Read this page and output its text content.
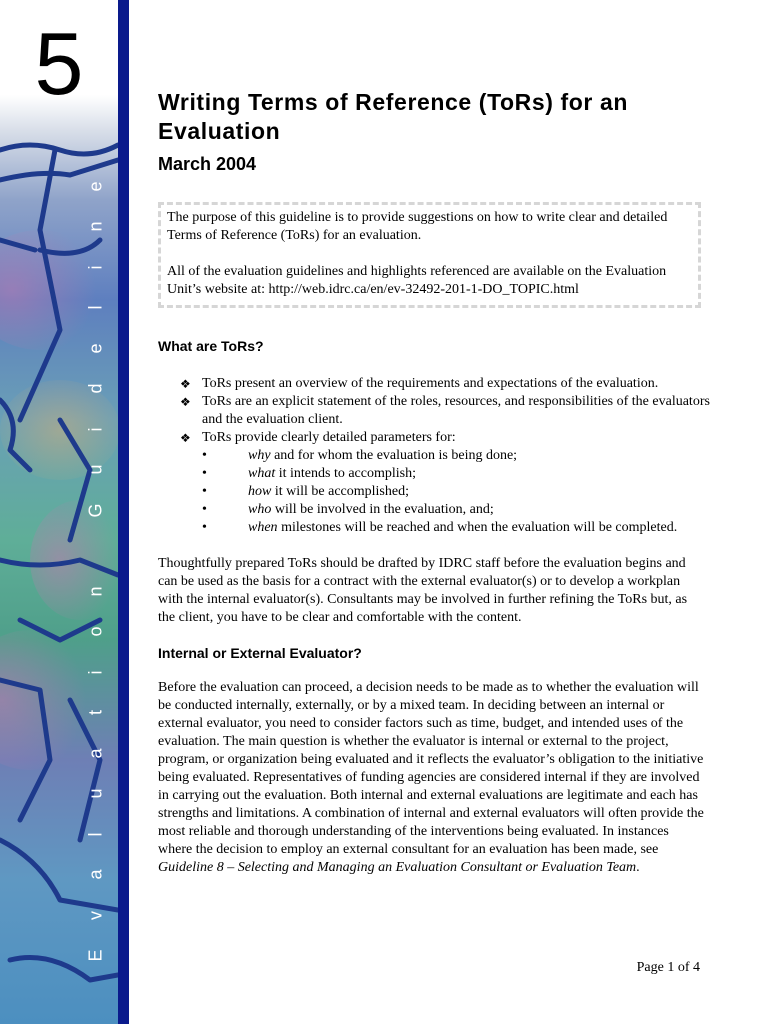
5
E
v
a
l
u
a
t
i
o
n
G
u
i
d
e
l
i
n
e
Writing Terms of Reference (ToRs) for an Evaluation
March 2004

The purpose of this guideline is to provide suggestions on how to write clear and detailed Terms of Reference (ToRs) for an evaluation.

All of the evaluation guidelines and highlights referenced are available on the Evaluation Unit’s website at: http://web.idrc.ca/en/ev-32492-201-1-DO_TOPIC.html

What are ToRs?
❖ ToRs present an overview of the requirements and expectations of the evaluation.
❖ ToRs are an explicit statement of the roles, resources, and responsibilities of the evaluators and the evaluation client.
❖ ToRs provide clearly detailed parameters for:
•	why and for whom the evaluation is being done;
•	what it intends to accomplish;
•	how it will be accomplished;
•	who will be involved in the evaluation, and;
•	when milestones will be reached and when the evaluation will be completed.

Thoughtfully prepared ToRs should be drafted by IDRC staff before the evaluation begins and can be used as the basis for a contract with the external evaluator(s) or to develop a workplan with the internal evaluator(s). Consultants may be involved in further refining the ToRs but, as the client, you have to be clear and comfortable with the content.

Internal or External Evaluator?

Before the evaluation can proceed, a decision needs to be made as to whether the evaluation will be conducted internally, externally, or by a mixed team. In deciding between an internal or external evaluator, you need to consider factors such as time, budget, and intended uses of the evaluation. The main question is whether the evaluator is internal or external to the project, program, or organization being evaluated and it reflects the evaluator’s obligation to the initiative being evaluated. Representatives of funding agencies are considered internal if they are involved in carrying out the evaluation. Both internal and external evaluations are legitimate and each has strengths and limitations. A combination of internal and external evaluators will often provide the most reliable and thorough understanding of the interventions being evaluated. In instances where the decision to employ an external consultant for an evaluation has been made, see Guideline 8 – Selecting and Managing an Evaluation Consultant or Evaluation Team.

Page 1 of 4
